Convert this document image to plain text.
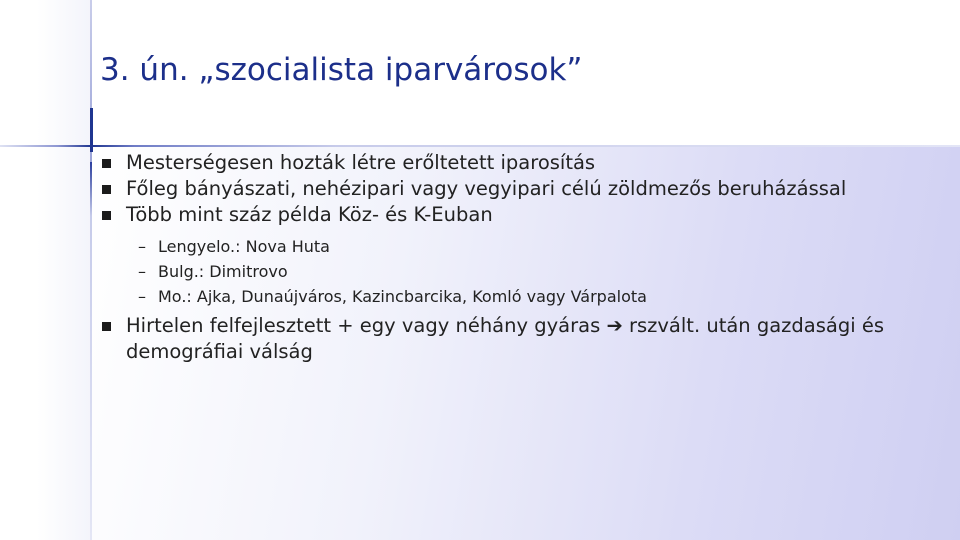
3. ún. „szocialista iparvárosok”
Mesterségesen hozták létre erőltetett iparosítás
Főleg bányászati, nehézipari vagy vegyipari célú zöldmezős beruházással
Több mint száz példa Köz- és K-Euban
– Lengyelo.: Nova Huta
– Bulg.: Dimitrovo
– Mo.: Ajka, Dunaújváros, Kazincbarcika, Komló vagy Várpalota
Hirtelen felfejlesztett + egy vagy néhány gyáras ➔ rszvált. után gazdasági és demográfiai válság
